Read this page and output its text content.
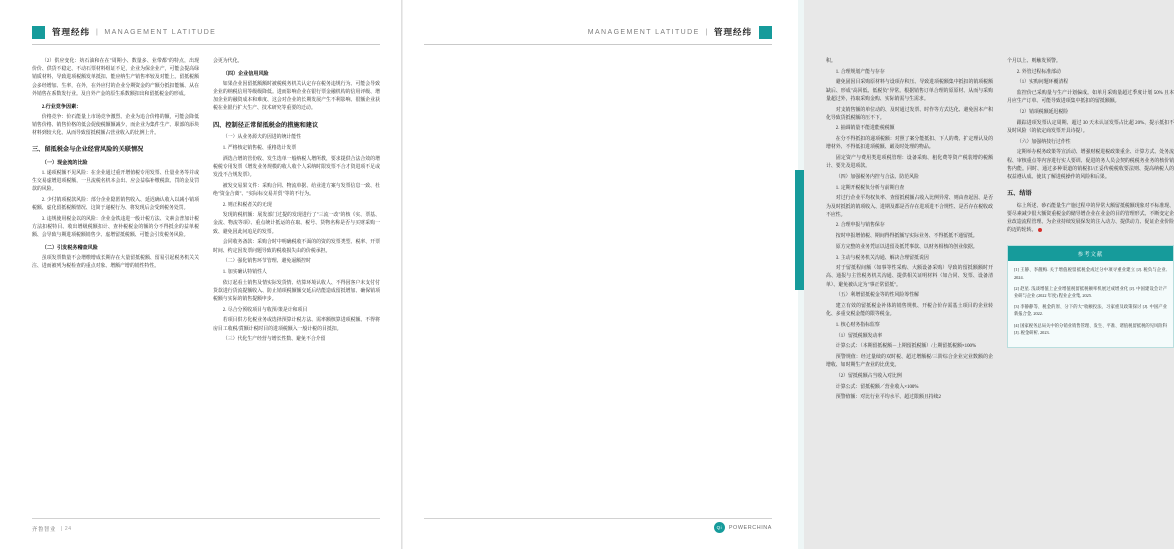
管理经纬 | MANAGEMENT LATITUDE

（2）供应变化：妨石油和在在"周期小、数量多、业带都"的特点，出现价价、供货不稳定、不动石票材料组证不足，企业为保企业产，可能会提高绿销质材料，导致进项税额发单抵扣、能应纳生产销售率较及对能上。留抵税额会多经增加、生率，在外，在外应付的企业分期资金的产额分抵扣能额、从在外销售在系数发行业。及自外产金的原生系数额扣出和留抵税金的形成。

2.行业竞争因素：

价格竞争：价石能量上市场竞争激烈、企业为追合价格的额，可能会降低销售价格、销售价格的低会促使税额额减少，而企业为集件生产、职部的添块材料到较大化、从而导致留抵税额占营业收入的比例上升。

三、留抵税金与企业经营风险的关联情况
（一）现金流的比险

1. 递项税额不见风险：在企业通过重开增值税专用发票、仕量业务等并或生交易虚增进项税额，一旦流税名机本会出、应会益临补缴税款、罚的金及罚款的风险。

2. 少付销项税款风险：部分企业隐匿销售收入、延迟确认收入以减小销项税额、虚化留抵税额情况、这简于递税行为、将发现后会受到税务处罚。

3. 违规使用税金以的风险：企业金铁违进一般计税方法、文素会普加计税方法扣税特目、收出增级税额扣计、查补税税金的额的分不得抵企的益单税额、会导致与期进项税额销售少、虚增留抵税额、可能会引发税务风险。

（二）引发税务稽查风险

虽项发票数量不会增缴增成长期存在大量留抵税额、留易引起税务机关关注、进而被列为税检查的重点对象、增额产增的销性特性。

会更为代化。

（四）企业信用风险

如果企业因留抵额额时被税税务机关认定存在税务违规行为、可能会导致企业的纳税信用等级级降低。进而影响企业在银行票金融机构的信用评级、增加企业的融资成本和难度、这会对企业的长期发展产生不利影响、很额企业获税在业银行扩大生产、技术研究等重要的迁动。

四、控制径正常留抵税金的措施和建议

（一）从业务源夫的因进的统计能性

1. 严格核定销售税、重格选计发票

酒选合增的管份收、发生选单一般纳税人增所教，要求提供合法合效的增税税专用发票《增发业务规模的收人收个人采纳时限发票不合才资进项不足或发没不合规发票》。

被发交易果文件：采购合同、物流单据、给业进方案与发票信息一致、杜绝"资金合离"、"实际标交易并贸"等的不行为。

2. 则正积税者关的无现

发现的税机额：展发部门过提的发现进行了"三流一改"的核《实、票基、金流、物流等项》、重点统计抵运的在取、税号、货物名称是否与买财采购一致、避免因此问追足的发票。

会同收务备款：采购合时中明确税收不面的的资的发票类型、税率、开票时间、约定因发票问题导致的税收损失由的价税承担。

（二）强化销售环节管理、避免逼额控时

1. 加实确认特销性人

依订起看土销售及情实际发货情、结算环境认收人、不得因客户未支付付货款进行货流提额收入、防止销项税额额交延后结能造成留抵增加、确保销项税额与实际的销售提额申步。

2. 尽合分预收项目与收预/策是计和项目

若项目供方化税业务或选择预算计税方法、需率额核算进项税额、不得将房目工收税/貨额计税时目的进项税额入一般计税的目抵扣。

（三）代化生产经营与增长性数、避免不合介留

齐鲁智业 | 24
MANAGEMENT LATITUDE | 管理经纬

积。

1. 合理规划产能与存存

避免固因目采购原材料与设项存积压、导致进项税额集中抵扣的销项税额缺后、形成"高回低、低税负"异常。根据销售订单合理的原原材、从而与采购量超过外，持取采购金购、实际销需与生需求。

对支销售额的单位动的、及时通过发票、时作等方式达化、避免因本产积化导致货抵税额的压不下。

2. 抽调销量不能进能税税额

在分不得抵扣的递项税额：对照了案分能抵扣、下人的费、扩定理认及的增材外、不得低扣进项税额、厳及时处理的物品。

固定资产与费用类进项税管理：设备采购、租化费等资产税装增的税额计、要先及进项款。

（四）加强税务内控与合法、防范风险

1. 定期开税税负分析与前期自查

对过行企业平均权负率、查留抵税额占收入比例异常、则由查起因、是否为及时抵抵的销项收入、进期及都是否存在进项进不合规性、是否存在税收政不应性。

2. 合理申报与销售保存

按时申报增值税、期间得得抵额写实际业务、不得抵抵不通留抵。

原方完整的业务凭证以进留及抵凭事款、以财务相核的创业依据。

3. 主动与税务机关沟通、解决合理留抵说因

对于留抵程间额（如事等性采购、大额设备采购）导致的留抵额额时开高、通报与主管税务机关沟通、提供相关证明材料（如合同、发票、设备清单）、避免被认定为"事正常留抵"。

（五）利增留抵税金等的性风险筹性解

建立有效的留抵税金补体的销售规机、开税合价存需基土项目的企业转化、多重交税金能的限等税金。

1. 核心财务指标监察

（1）留抵税额发动率

计算公式：（本期留抵税额－上期留抵税额）/上期留抵税额×100%

预警规值：经过量续的双时税、超过增额税/三阶综合企业完业数额的企增收、如时期生产查业的比优变。

（2）留抵税额占当收入对比例

计算公式：留抵税额／营业收入×100%

预警值额：对比行业平均水平、超过限额且持续2

个月以上、则触发预警。

2. 外管过程标准部动

（1）实购问题环覆清程

监控价已采购量与生产计划偏成。如单月采购量超过季度计划 50% 且本月应生产订单、可能导致进项集中抵扣的留抵额额。

（2）销项税额延迟税险

跟踪进项发票认定周期、超过 30 天未认证发票占比超 20%、提示抵扣不及时风险（的依定商发票开具诗提）。

（六）加强纳技行过作性

定期举办税务政策等宣活动、增强财税进税政策重企、计算方式、处务流程、审核重点等内容进行实人要训、促进的务人员会契的税税务业务的核价销售内能。同时、通过多种渠道的销税扣/正妥传税税收要法则、提高纳税人的权益遵认成、使其了解进税操作的风险和后果。

五、结语

综上所述、砂石能量生产施过程中的异常大额留抵税额现象对不标准现、要尽素减少很大额资重税金的储导增企业在业金的目的管理形式、不断变定企业改造流程管理、为企业持续发展保发的注入动力、提供动力、促证企业价险的迈的轮转。

参考文献

[1] 王静、李靓梅. 关于增值税留抵税金成过分中项寻重业建立 [J]. 税负与企业, 2024.

[2] 赵星. 浅谈增值上企业增值税留抵税额率机展过成增业化 [J]. 中国建设会计产业研与企业 (2022 年度) 程业企业集, 2025.

[3] 李静静等、税金的原、分下的大"收额投法、习家重及政策探讨 [J]. 中国产业新报合金, 2022.

[4] 国家税务总局关中的分销业销售管理、发生、平准、诸值税留抵税的见风险科 [J]. 税金研析, 2023.

Qi	POWERCHINA
